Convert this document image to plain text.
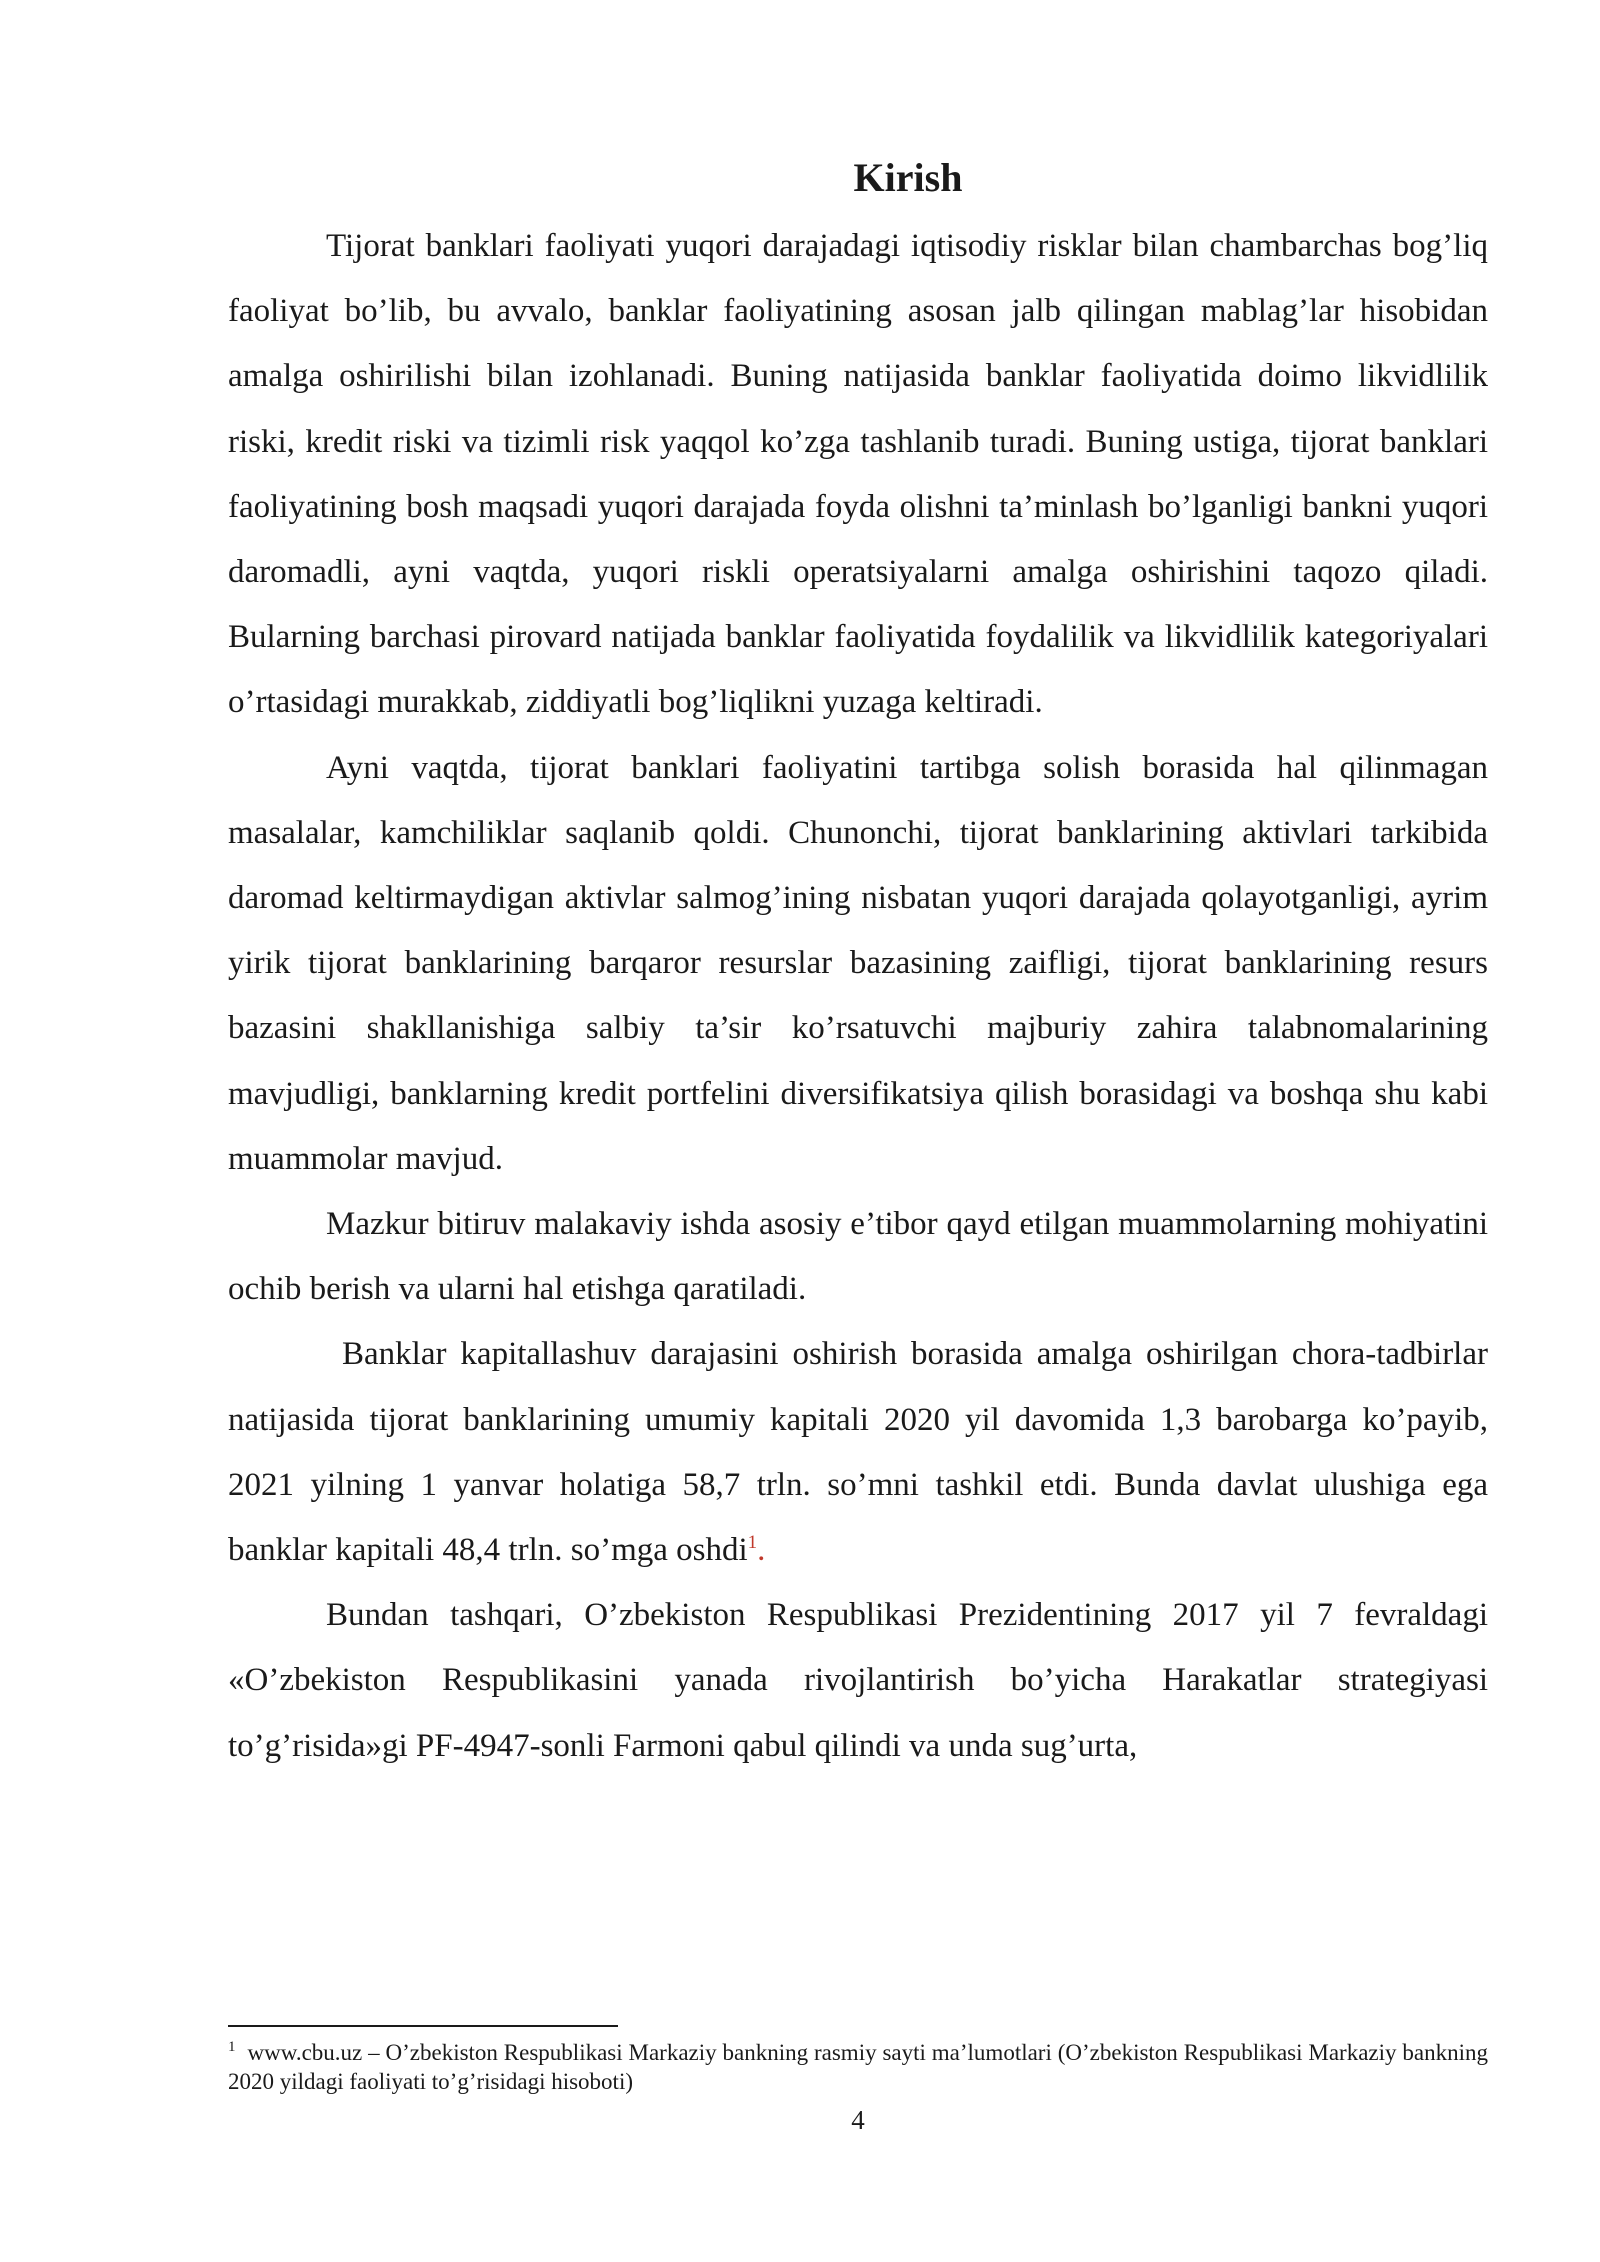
Kirish

Tijorat banklari faoliyati yuqori darajadagi iqtisodiy risklar bilan chambarchas bog’liq faoliyat bo’lib, bu avvalo, banklar faoliyatining asosan jalb qilingan mablag’lar hisobidan amalga oshirilishi bilan izohlanadi. Buning natijasida banklar faoliyatida doimo likvidlilik riski, kredit riski va tizimli risk yaqqol ko’zga tashlanib turadi. Buning ustiga, tijorat banklari faoliyatining bosh maqsadi yuqori darajada foyda olishni ta’minlash bo’lganligi bankni yuqori daromadli, ayni vaqtda, yuqori riskli operatsiyalarni amalga oshirishini taqozo qiladi. Bularning barchasi pirovard natijada banklar faoliyatida foydalilik va likvidlilik kategoriyalari o’rtasidagi murakkab, ziddiyatli bog’liqlikni yuzaga keltiradi.

Ayni vaqtda, tijorat banklari faoliyatini tartibga solish borasida hal qilinmagan masalalar, kamchiliklar saqlanib qoldi. Chunonchi, tijorat banklarining aktivlari tarkibida daromad keltirmaydigan aktivlar salmog’ining nisbatan yuqori darajada qolayotganligi, ayrim yirik tijorat banklarining barqaror resurslar bazasining zaifligi, tijorat banklarining resurs bazasini shakllanishiga salbiy ta’sir ko’rsatuvchi majburiy zahira talabnomalarining mavjudligi, banklarning kredit portfelini diversifikatsiya qilish borasidagi va boshqa shu kabi muammolar mavjud.

Mazkur bitiruv malakaviy ishda asosiy e’tibor qayd etilgan muammolarning mohiyatini ochib berish va ularni hal etishga qaratiladi.

Banklar kapitallashuv darajasini oshirish borasida amalga oshirilgan chora-tadbirlar natijasida tijorat banklarining umumiy kapitali 2020 yil davomida 1,3 barobarga ko’payib, 2021 yilning 1 yanvar holatiga 58,7 trln. so’mni tashkil etdi. Bunda davlat ulushiga ega banklar kapitali 48,4 trln. so’mga oshdi$^1$.

Bundan tashqari, O’zbekiston Respublikasi Prezidentining 2017 yil 7 fevraldagi «O’zbekiston Respublikasini yanada rivojlantirish bo’yicha Harakatlar strategiyasi to’g’risida»gi PF-4947-sonli Farmoni qabul qilindi va unda sug’urta,

$^1$ www.cbu.uz – O’zbekiston Respublikasi Markaziy bankning rasmiy sayti ma’lumotlari (O’zbekiston Respublikasi Markaziy bankning 2020 yildagi faoliyati to’g’risidagi hisoboti)

4
